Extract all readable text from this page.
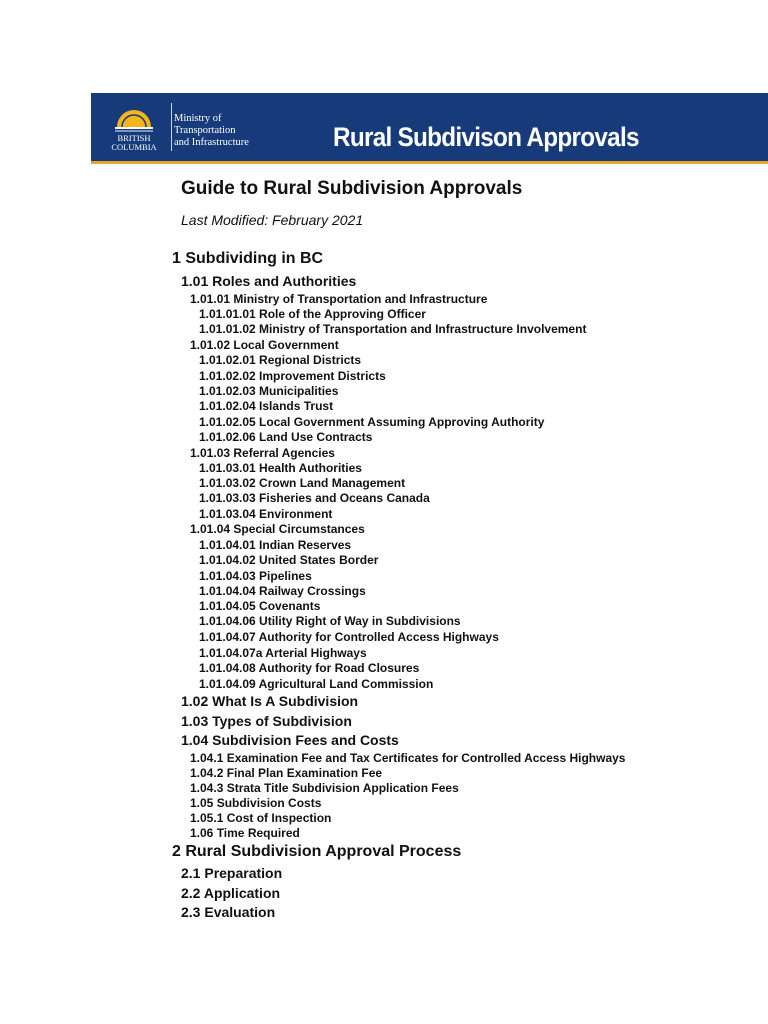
BRITISH
COLUMBIA
Ministry of
Transportation
and Infrastructure	Rural Subdivison Approvals
Guide to Rural Subdivision Approvals
Last Modified: February 2021
1 Subdividing in BC
1.01 Roles and Authorities
1.01.01 Ministry of Transportation and Infrastructure
1.01.01.01 Role of the Approving Officer
1.01.01.02 Ministry of Transportation and Infrastructure Involvement
1.01.02 Local Government
1.01.02.01 Regional Districts
1.01.02.02 Improvement Districts
1.01.02.03 Municipalities
1.01.02.04 Islands Trust
1.01.02.05 Local Government Assuming Approving Authority
1.01.02.06 Land Use Contracts
1.01.03 Referral Agencies
1.01.03.01 Health Authorities
1.01.03.02 Crown Land Management
1.01.03.03 Fisheries and Oceans Canada
1.01.03.04 Environment
1.01.04 Special Circumstances
1.01.04.01 Indian Reserves
1.01.04.02 United States Border
1.01.04.03 Pipelines
1.01.04.04 Railway Crossings
1.01.04.05 Covenants
1.01.04.06 Utility Right of Way in Subdivisions
1.01.04.07 Authority for Controlled Access Highways
1.01.04.07a Arterial Highways
1.01.04.08 Authority for Road Closures
1.01.04.09 Agricultural Land Commission
1.02 What Is A Subdivision
1.03 Types of Subdivision
1.04 Subdivision Fees and Costs
1.04.1 Examination Fee and Tax Certificates for Controlled Access Highways
1.04.2 Final Plan Examination Fee
1.04.3 Strata Title Subdivision Application Fees
1.05 Subdivision Costs
1.05.1 Cost of Inspection
1.06 Time Required
2 Rural Subdivision Approval Process
2.1 Preparation
2.2 Application
2.3 Evaluation
